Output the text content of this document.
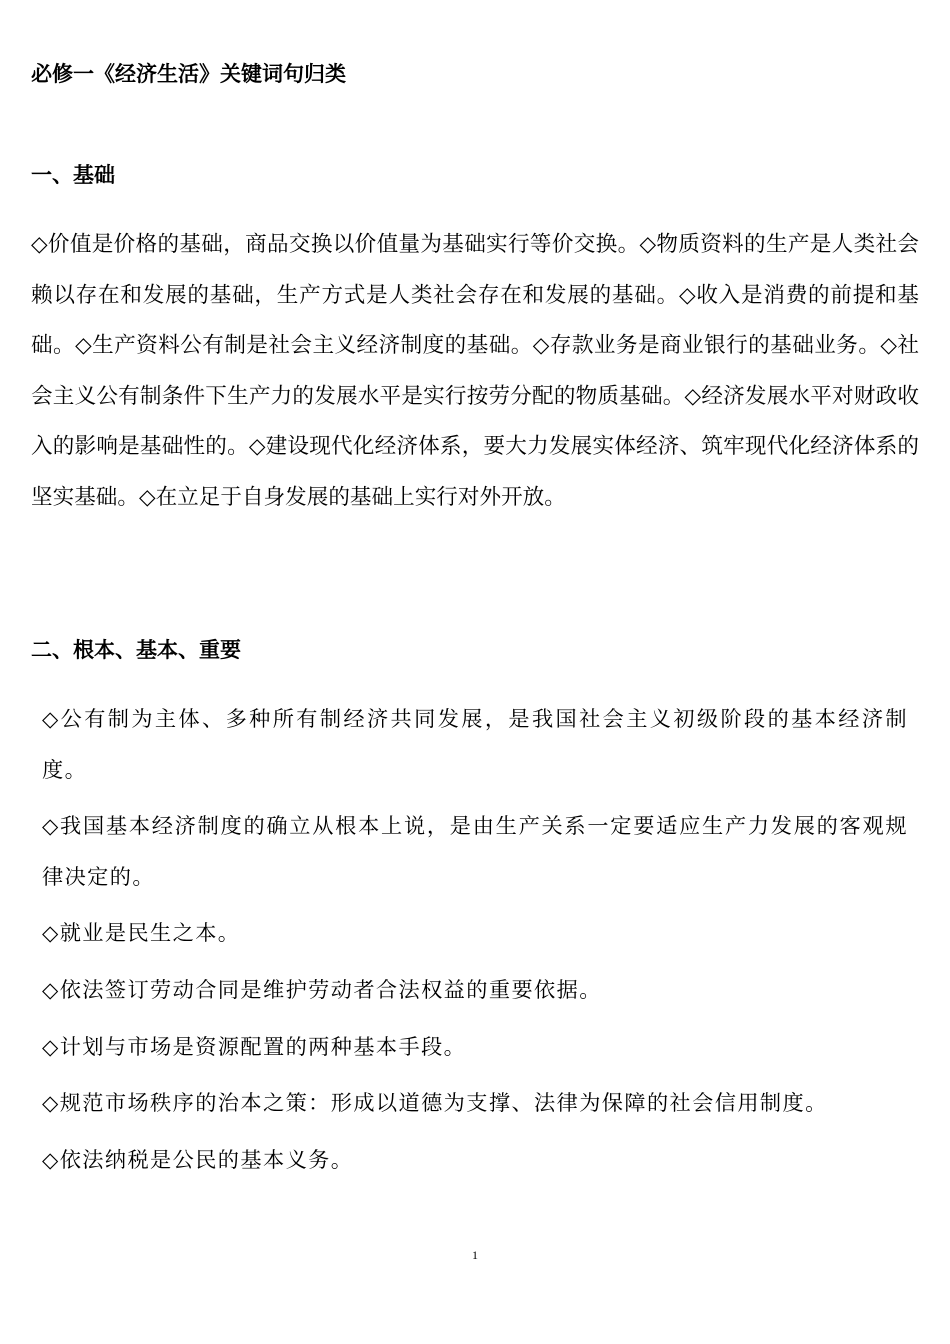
必修一《经济生活》关键词句归类
一、基础

◇价值是价格的基础，商品交换以价值量为基础实行等价交换。◇物质资料的生产是人类社会赖以存在和发展的基础，生产方式是人类社会存在和发展的基础。◇收入是消费的前提和基础。◇生产资料公有制是社会主义经济制度的基础。◇存款业务是商业银行的基础业务。◇社会主义公有制条件下生产力的发展水平是实行按劳分配的物质基础。◇经济发展水平对财政收入的影响是基础性的。◇建设现代化经济体系，要大力发展实体经济、筑牢现代化经济体系的坚实基础。◇在立足于自身发展的基础上实行对外开放。

二、根本、基本、重要
◇公有制为主体、多种所有制经济共同发展，是我国社会主义初级阶段的基本经济制度。
◇我国基本经济制度的确立从根本上说，是由生产关系一定要适应生产力发展的客观规律决定的。
◇就业是民生之本。
◇依法签订劳动合同是维护劳动者合法权益的重要依据。
◇计划与市场是资源配置的两种基本手段。
◇规范市场秩序的治本之策：形成以道德为支撑、法律为保障的社会信用制度。
◇依法纳税是公民的基本义务。
1
